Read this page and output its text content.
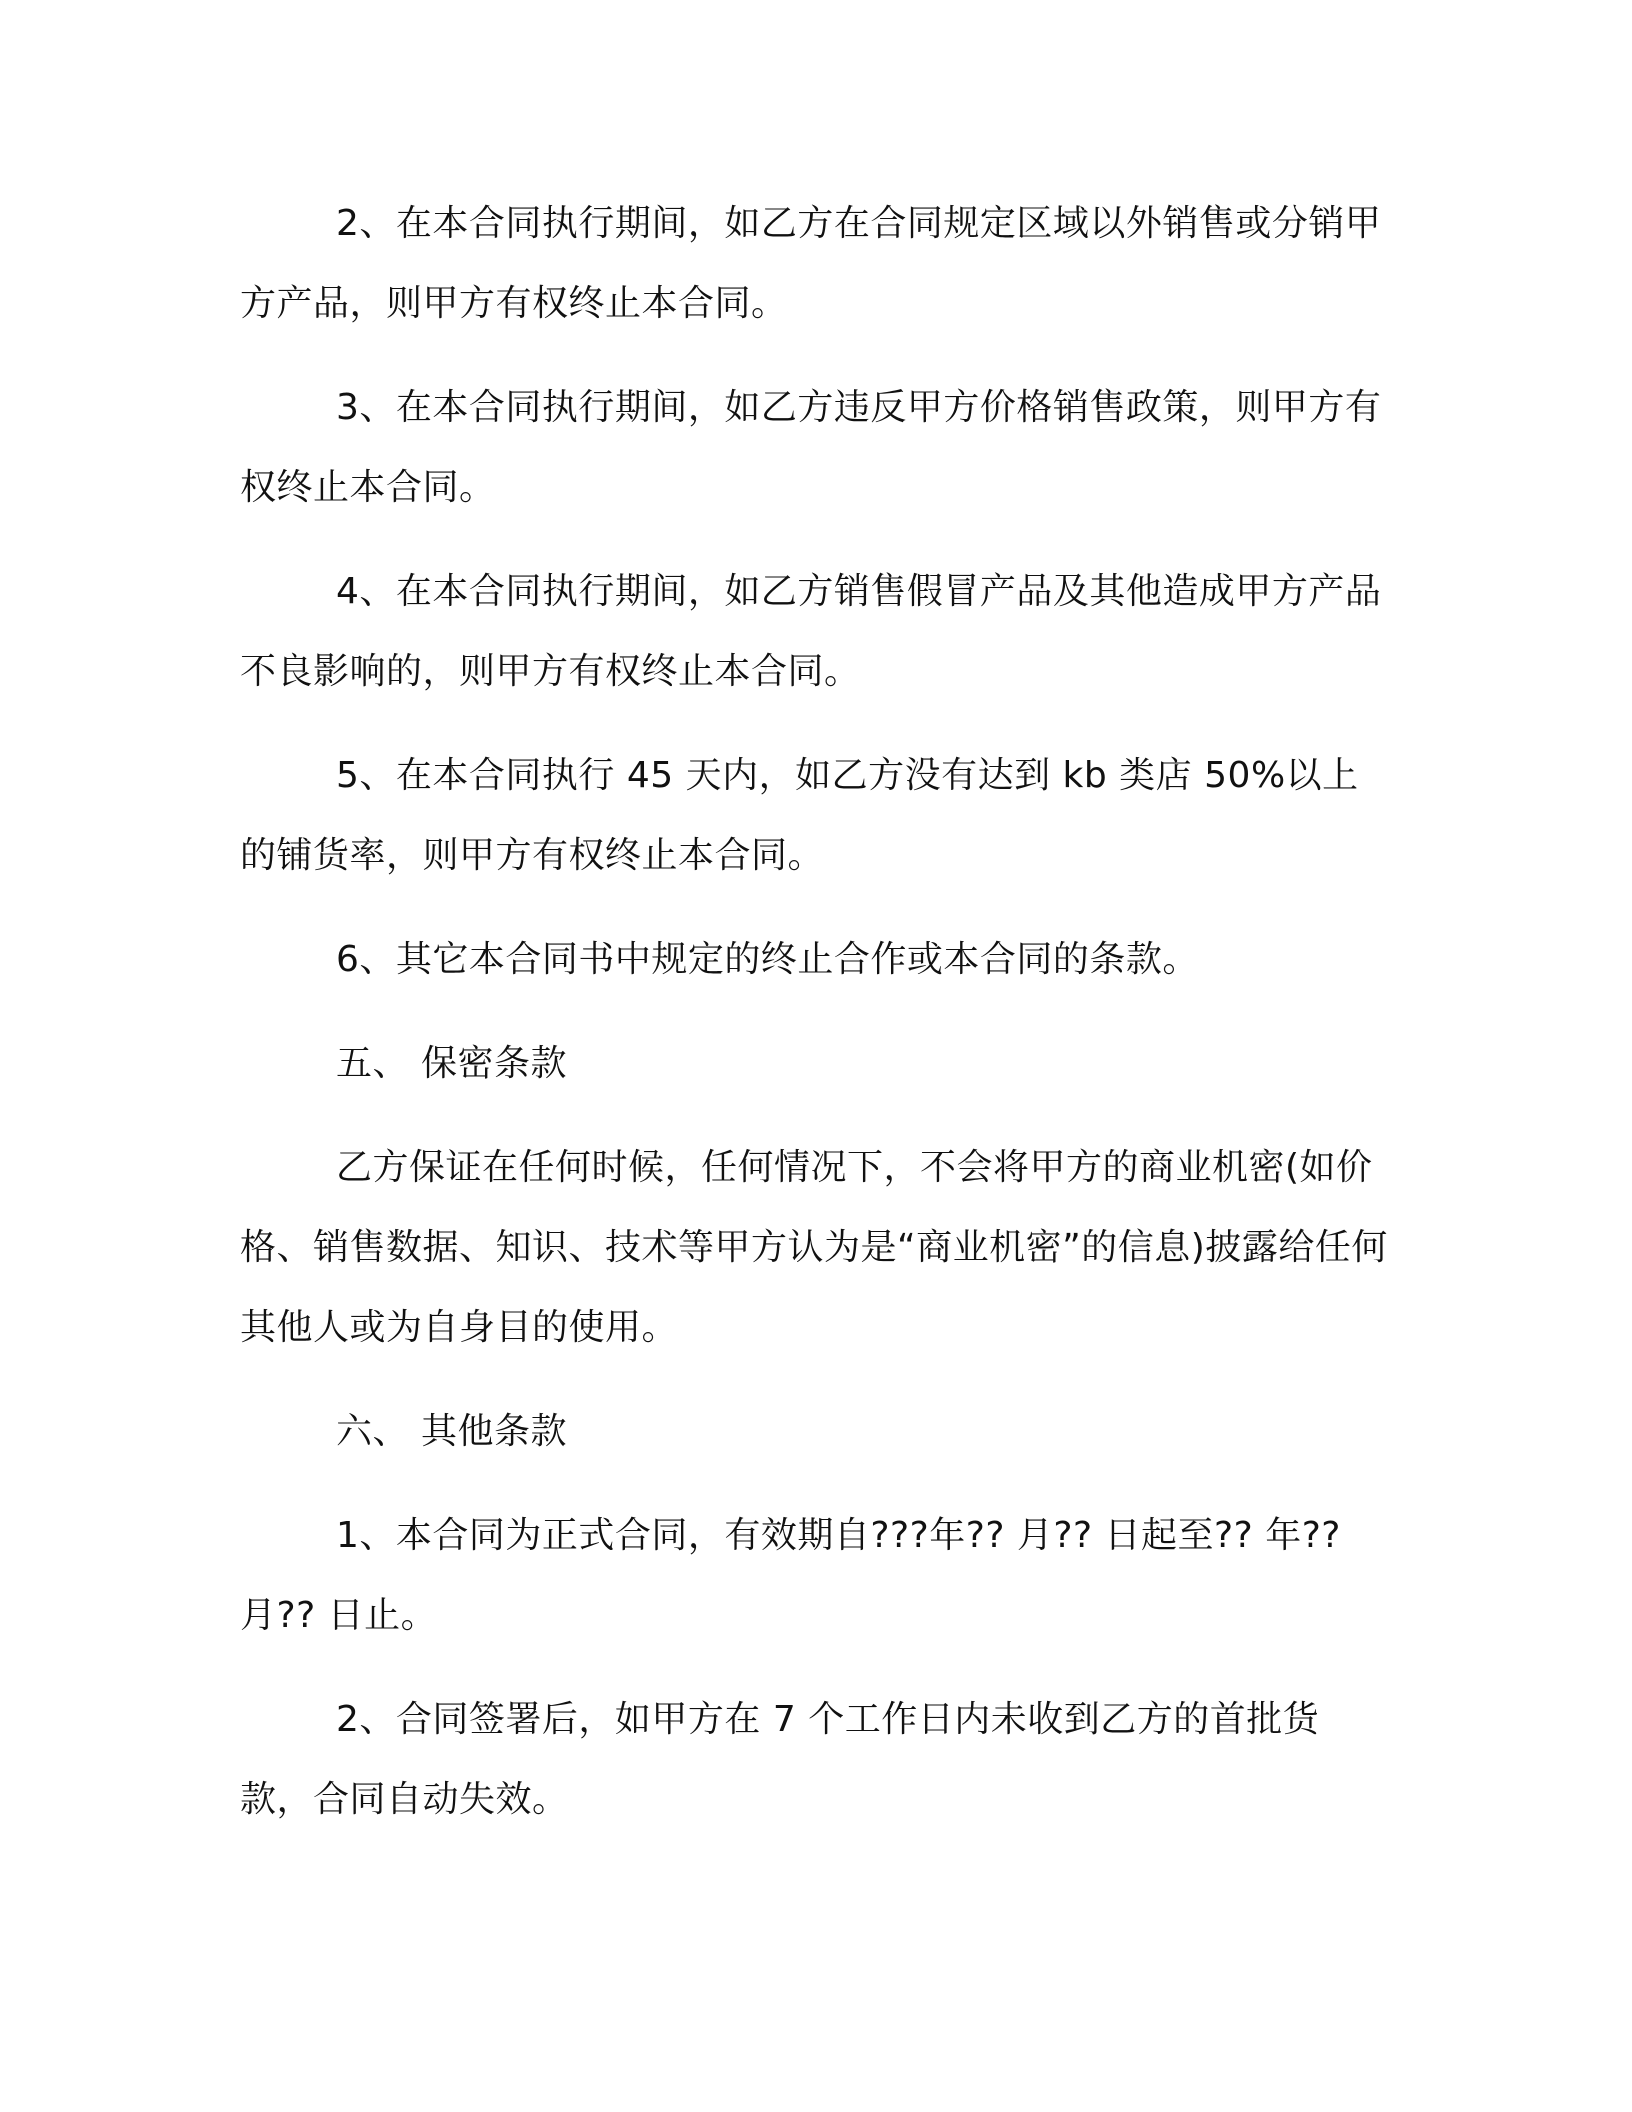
2、在本合同执行期间，如乙方在合同规定区域以外销售或分销甲方产品，则甲方有权终止本合同。

3、在本合同执行期间，如乙方违反甲方价格销售政策，则甲方有权终止本合同。

4、在本合同执行期间，如乙方销售假冒产品及其他造成甲方产品不良影响的，则甲方有权终止本合同。

5、在本合同执行 45 天内，如乙方没有达到 kb 类店 50%以上的铺货率，则甲方有权终止本合同。

6、其它本合同书中规定的终止合作或本合同的条款。

五、 保密条款

乙方保证在任何时候，任何情况下，不会将甲方的商业机密(如价格、销售数据、知识、技术等甲方认为是“商业机密”的信息)披露给任何其他人或为自身目的使用。

六、 其他条款

1、本合同为正式合同，有效期自???年?? 月?? 日起至?? 年??月?? 日止。

2、合同签署后，如甲方在 7 个工作日内未收到乙方的首批货款，合同自动失效。
